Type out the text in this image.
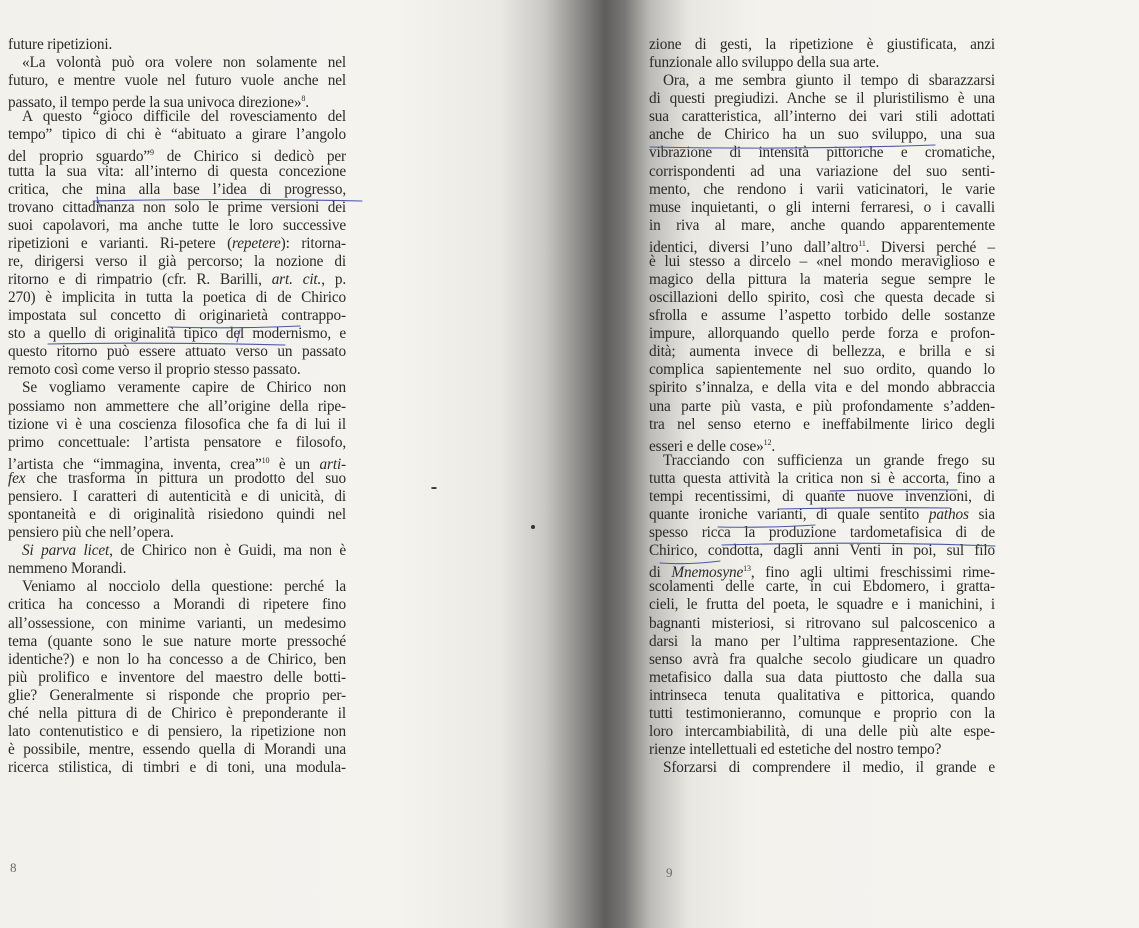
future ripetizioni.
«La volontà può ora volere non solamente nel
futuro, e mentre vuole nel futuro vuole anche nel
passato, il tempo perde la sua univoca direzione»$^8$.
A questo “gioco difficile del rovesciamento del
tempo” tipico di chi è “abituato a girare l’angolo
del proprio sguardo”$^9$ de Chirico si dedicò per
tutta la sua vita: all’interno di questa concezione
critica, che mina alla base l’idea di progresso,
trovano cittadinanza non solo le prime versioni dei
suoi capolavori, ma anche tutte le loro successive
ripetizioni e varianti. Ri-petere (repetere): ritorna-
re, dirigersi verso il già percorso; la nozione di
ritorno e di rimpatrio (cfr. R. Barilli, art. cit., p.
270) è implicita in tutta la poetica di de Chirico
impostata sul concetto di originarietà contrappo-
sto a quello di originalità tipico del modernismo, e
questo ritorno può essere attuato verso un passato
remoto così come verso il proprio stesso passato.
Se vogliamo veramente capire de Chirico non
possiamo non ammettere che all’origine della ripe-
tizione vi è una coscienza filosofica che fa di lui il
primo concettuale: l’artista pensatore e filosofo,
l’artista che “immagina, inventa, crea”$^{10}$ è un arti-
fex che trasforma in pittura un prodotto del suo
pensiero. I caratteri di autenticità e di unicità, di
spontaneità e di originalità risiedono quindi nel
pensiero più che nell’opera.
Si parva licet, de Chirico non è Guidi, ma non è
nemmeno Morandi.
Veniamo al nocciolo della questione: perché la
critica ha concesso a Morandi di ripetere fino
all’ossessione, con minime varianti, un medesimo
tema (quante sono le sue nature morte pressoché
identiche?) e non lo ha concesso a de Chirico, ben
più prolifico e inventore del maestro delle botti-
glie? Generalmente si risponde che proprio per-
ché nella pittura di de Chirico è preponderante il
lato contenutistico e di pensiero, la ripetizione non
è possibile, mentre, essendo quella di Morandi una
ricerca stilistica, di timbri e di toni, una modula-
zione di gesti, la ripetizione è giustificata, anzi
funzionale allo sviluppo della sua arte.
Ora, a me sembra giunto il tempo di sbarazzarsi
di questi pregiudizi. Anche se il pluristilismo è una
sua caratteristica, all’interno dei vari stili adottati
anche de Chirico ha un suo sviluppo, una sua
vibrazione di intensità pittoriche e cromatiche,
corrispondenti ad una variazione del suo senti-
mento, che rendono i varii vaticinatori, le varie
muse inquietanti, o gli interni ferraresi, o i cavalli
in riva al mare, anche quando apparentemente
identici, diversi l’uno dall’altro$^{11}$. Diversi perché –
è lui stesso a dircelo – «nel mondo meraviglioso e
magico della pittura la materia segue sempre le
oscillazioni dello spirito, così che questa decade si
sfrolla e assume l’aspetto torbido delle sostanze
impure, allorquando quello perde forza e profon-
dità; aumenta invece di bellezza, e brilla e si
complica sapientemente nel suo ordito, quando lo
spirito s’innalza, e della vita e del mondo abbraccia
una parte più vasta, e più profondamente s’adden-
tra nel senso eterno e ineffabilmente lirico degli
esseri e delle cose»$^{12}$.
Tracciando con sufficienza un grande frego su
tutta questa attività la critica non si è accorta, fino a
tempi recentissimi, di quante nuove invenzioni, di
quante ironiche varianti, di quale sentito pathos sia
spesso ricca la produzione tardometafisica di de
Chirico, condotta, dagli anni Venti in poi, sul filo
di Mnemosyne$^{13}$, fino agli ultimi freschissimi rime-
scolamenti delle carte, in cui Ebdomero, i gratta-
cieli, le frutta del poeta, le squadre e i manichini, i
bagnanti misteriosi, si ritrovano sul palcoscenico a
darsi la mano per l’ultima rappresentazione. Che
senso avrà fra qualche secolo giudicare un quadro
metafisico dalla sua data piuttosto che dalla sua
intrinseca tenuta qualitativa e pittorica, quando
tutti testimonieranno, comunque e proprio con la
loro intercambiabilità, di una delle più alte espe-
rienze intellettuali ed estetiche del nostro tempo?
Sforzarsi di comprendere il medio, il grande e
8	9
